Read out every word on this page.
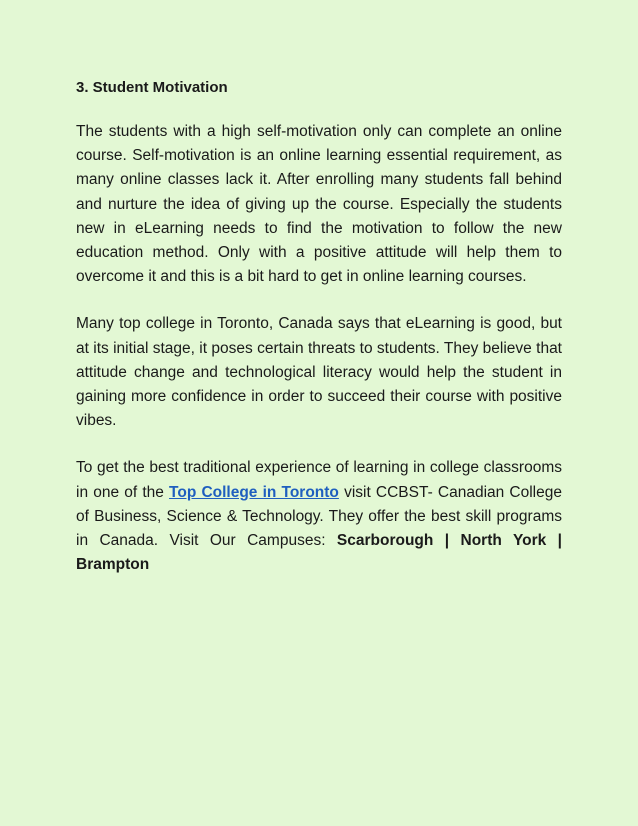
3. Student Motivation

The students with a high self-motivation only can complete an online course. Self-motivation is an online learning essential requirement, as many online classes lack it. After enrolling many students fall behind and nurture the idea of giving up the course. Especially the students new in eLearning needs to find the motivation to follow the new education method. Only with a positive attitude will help them to overcome it and this is a bit hard to get in online learning courses.

Many top college in Toronto, Canada says that eLearning is good, but at its initial stage, it poses certain threats to students. They believe that attitude change and technological literacy would help the student in gaining more confidence in order to succeed their course with positive vibes.

To get the best traditional experience of learning in college classrooms in one of the Top College in Toronto visit CCBST- Canadian College of Business, Science & Technology. They offer the best skill programs in Canada. Visit Our Campuses: Scarborough | North York | Brampton
